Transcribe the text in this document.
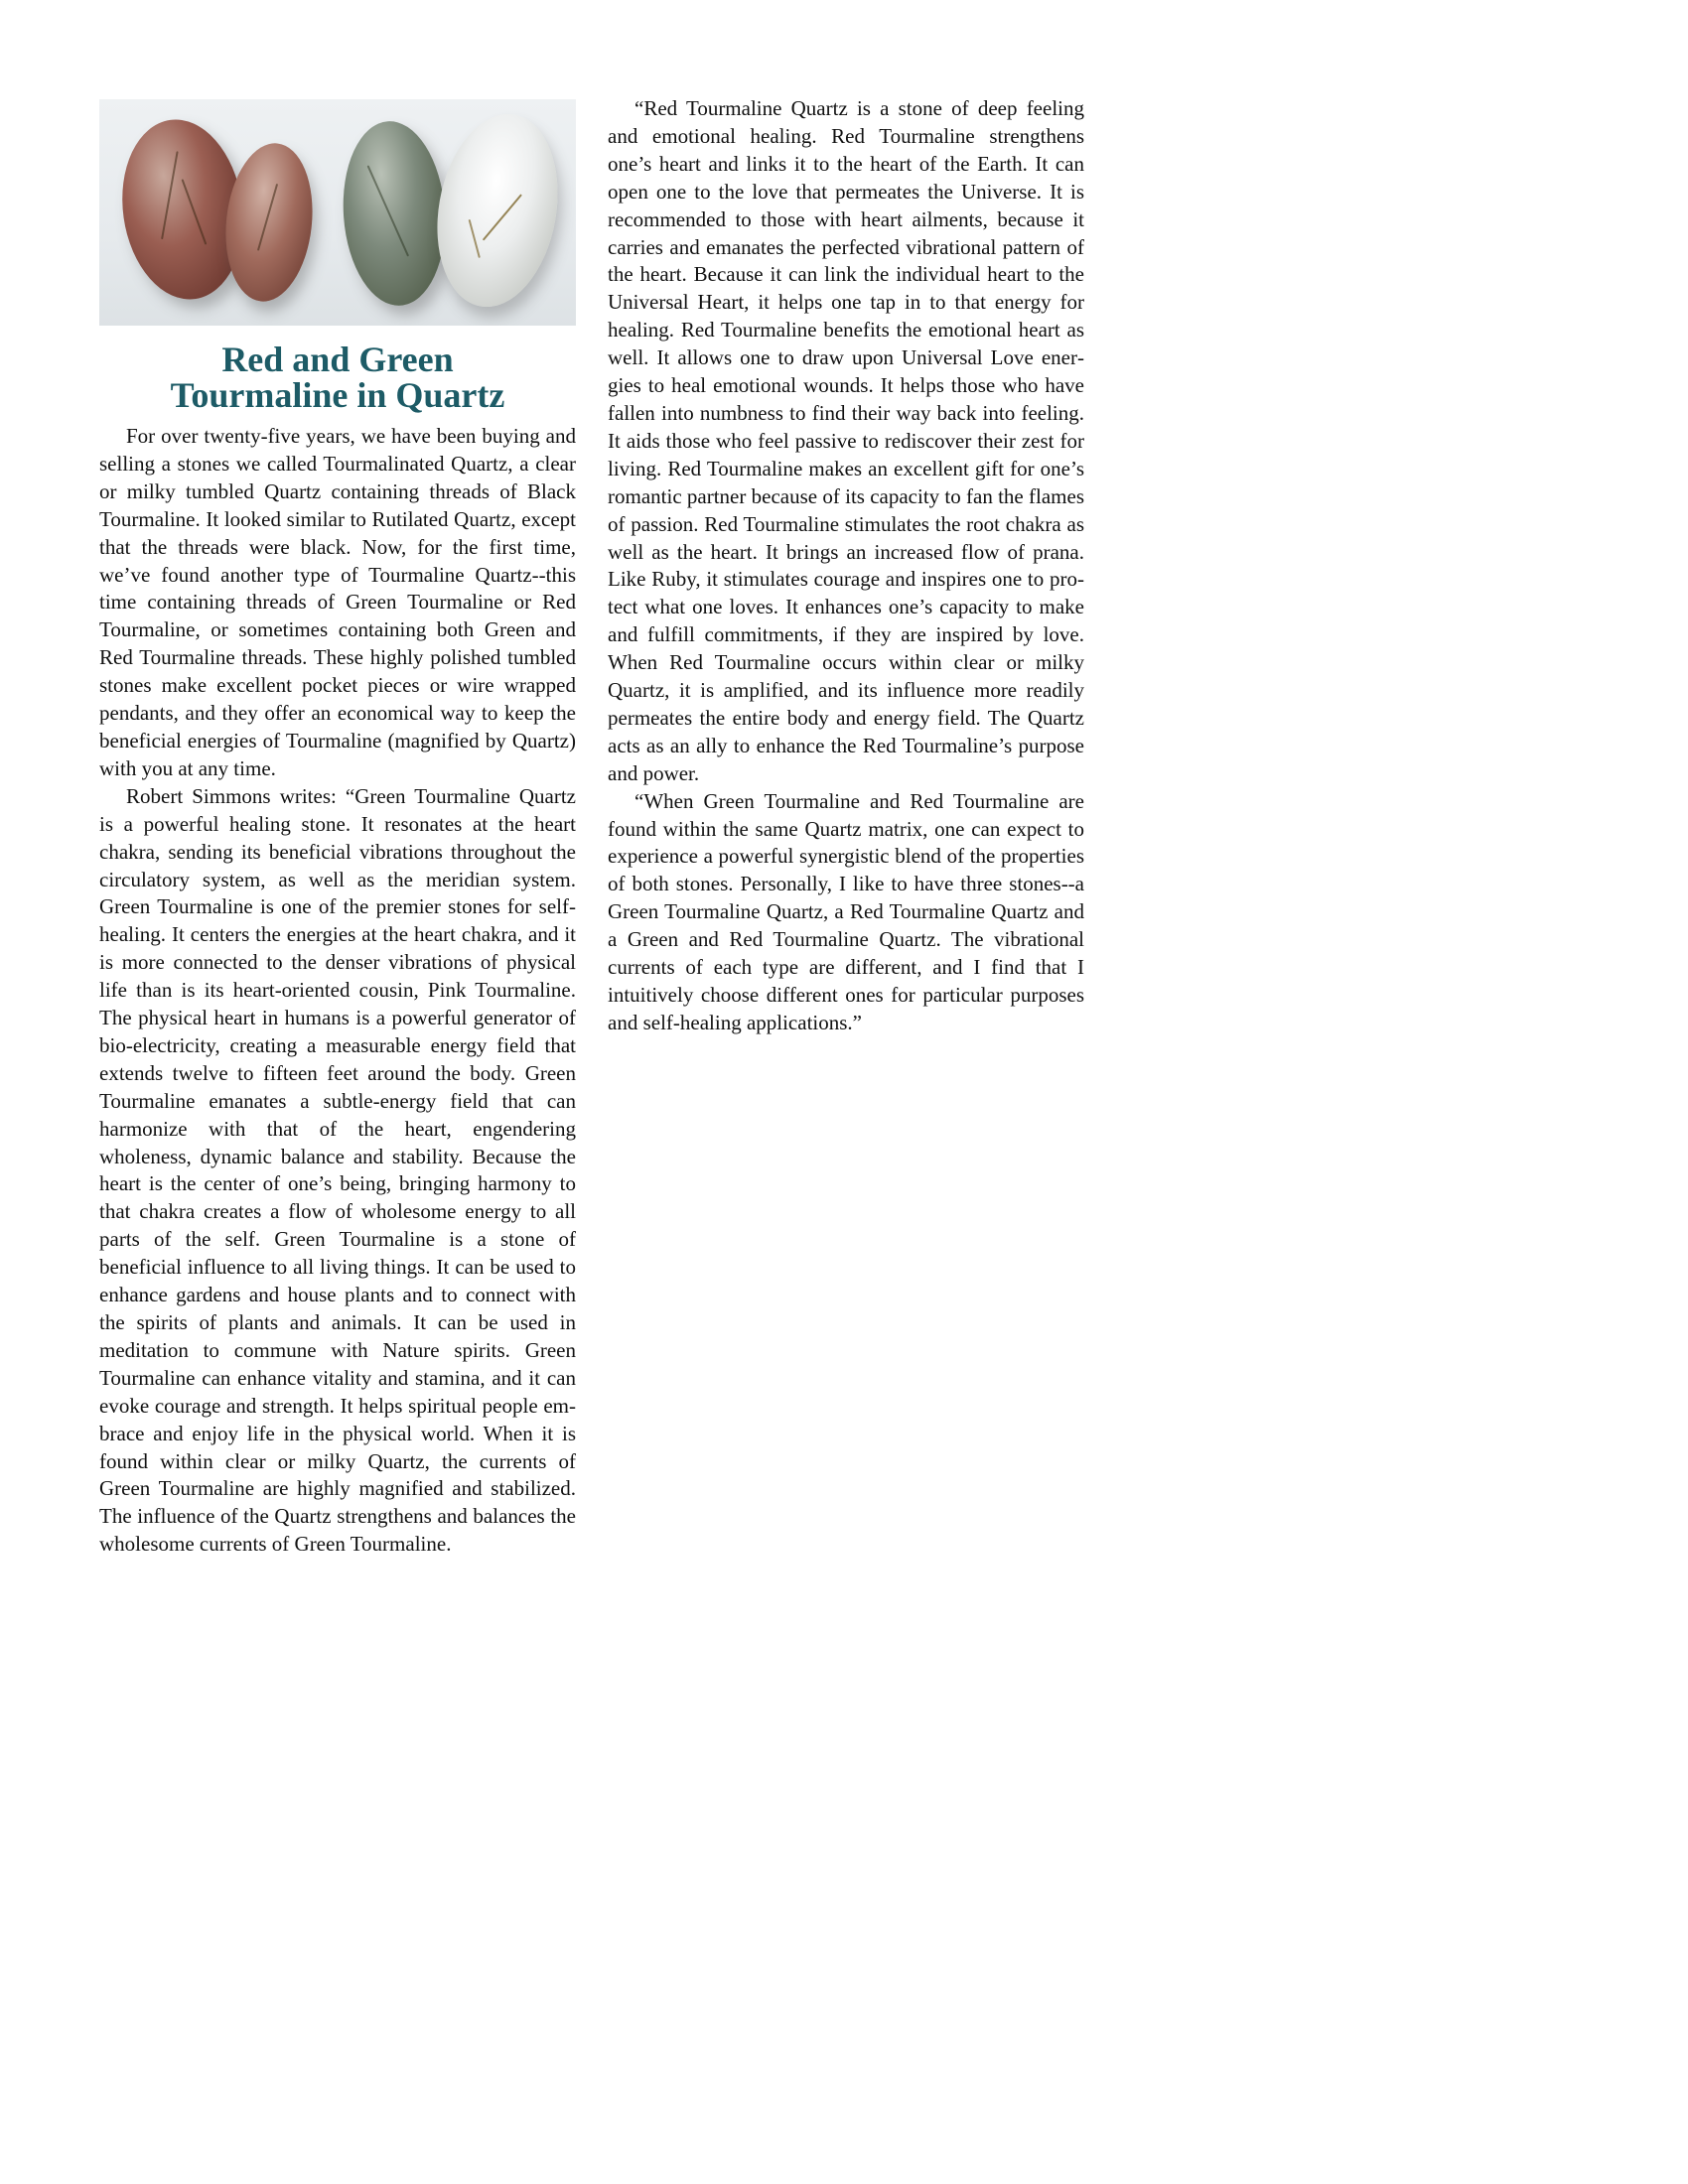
Red and Green
Tourmaline in Quartz

For over twenty-five years, we have been buying and selling a stones we called Tourmalinated Quartz, a clear or milky tumbled Quartz containing threads of Black Tourmaline. It looked similar to Rutilated Quartz, except that the threads were black. Now, for the first time, we’ve found another type of Tourmaline Quartz--this time containing threads of Green Tourmaline or Red Tourmaline, or sometimes containing both Green and Red Tourmaline threads. These highly polished tumbled stones make excellent pocket pieces or wire wrapped pendants, and they offer an economical way to keep the beneficial energies of Tourmaline (magnified by Quartz) with you at any time.

Robert Simmons writes: “Green Tourmaline Quartz is a powerful healing stone. It resonates at the heart chakra, sending its beneficial vibrations throughout the circulatory system, as well as the meridian system. Green Tourmaline is one of the premier stones for self-healing. It centers the energies at the heart chakra, and it is more connected to the denser vibrations of physical life than is its heart-oriented cousin, Pink Tourmaline. The physical heart in humans is a powerful generator of bio-electricity, creating a measurable energy field that extends twelve to fifteen feet around the body. Green Tourmaline emanates a subtle-energy field that can harmonize with that of the heart, engendering wholeness, dynamic balance and stability. Because the heart is the center of one’s being, bringing harmony to that chakra creates a flow of wholesome energy to all parts of the self. Green Tourmaline is a stone of beneficial influence to all living things. It can be used to enhance gardens and house plants and to connect with the spirits of plants and animals. It can be used in meditation to commune with Nature spirits. Green Tourmaline can enhance vitality and stamina, and it can evoke courage and strength. It helps spiritual people embrace and enjoy life in the physical world. When it is found within clear or milky Quartz, the currents of Green Tourmaline are highly magnified and stabilized. The influence of the Quartz strengthens and balances the wholesome currents of Green Tourmaline.

“Red Tourmaline Quartz is a stone of deep feeling and emotional healing. Red Tourmaline strengthens one’s heart and links it to the heart of the Earth. It can open one to the love that permeates the Universe. It is recommended to those with heart ailments, because it carries and emanates the perfected vibrational pattern of the heart. Because it can link the individual heart to the Universal Heart, it helps one tap in to that energy for healing. Red Tourmaline benefits the emotional heart as well. It allows one to draw upon Universal Love energies to heal emotional wounds. It helps those who have fallen into numbness to find their way back into feeling. It aids those who feel passive to rediscover their zest for living. Red Tourmaline makes an excellent gift for one’s romantic partner because of its capacity to fan the flames of passion. Red Tourmaline stimulates the root chakra as well as the heart. It brings an increased flow of prana. Like Ruby, it stimulates courage and inspires one to protect what one loves. It enhances one’s capacity to make and fulfill commitments, if they are inspired by love. When Red Tourmaline occurs within clear or milky Quartz, it is amplified, and its influence more readily permeates the entire body and energy field. The Quartz acts as an ally to enhance the Red Tourmaline’s purpose and power.

“When Green Tourmaline and Red Tourmaline are found within the same Quartz matrix, one can expect to experience a powerful synergistic blend of the properties of both stones. Personally, I like to have three stones--a Green Tourmaline Quartz, a Red Tourmaline Quartz and a Green and Red Tourmaline Quartz. The vibrational currents of each type are different, and I find that I intuitively choose different ones for particular purposes and self-healing applications.”
